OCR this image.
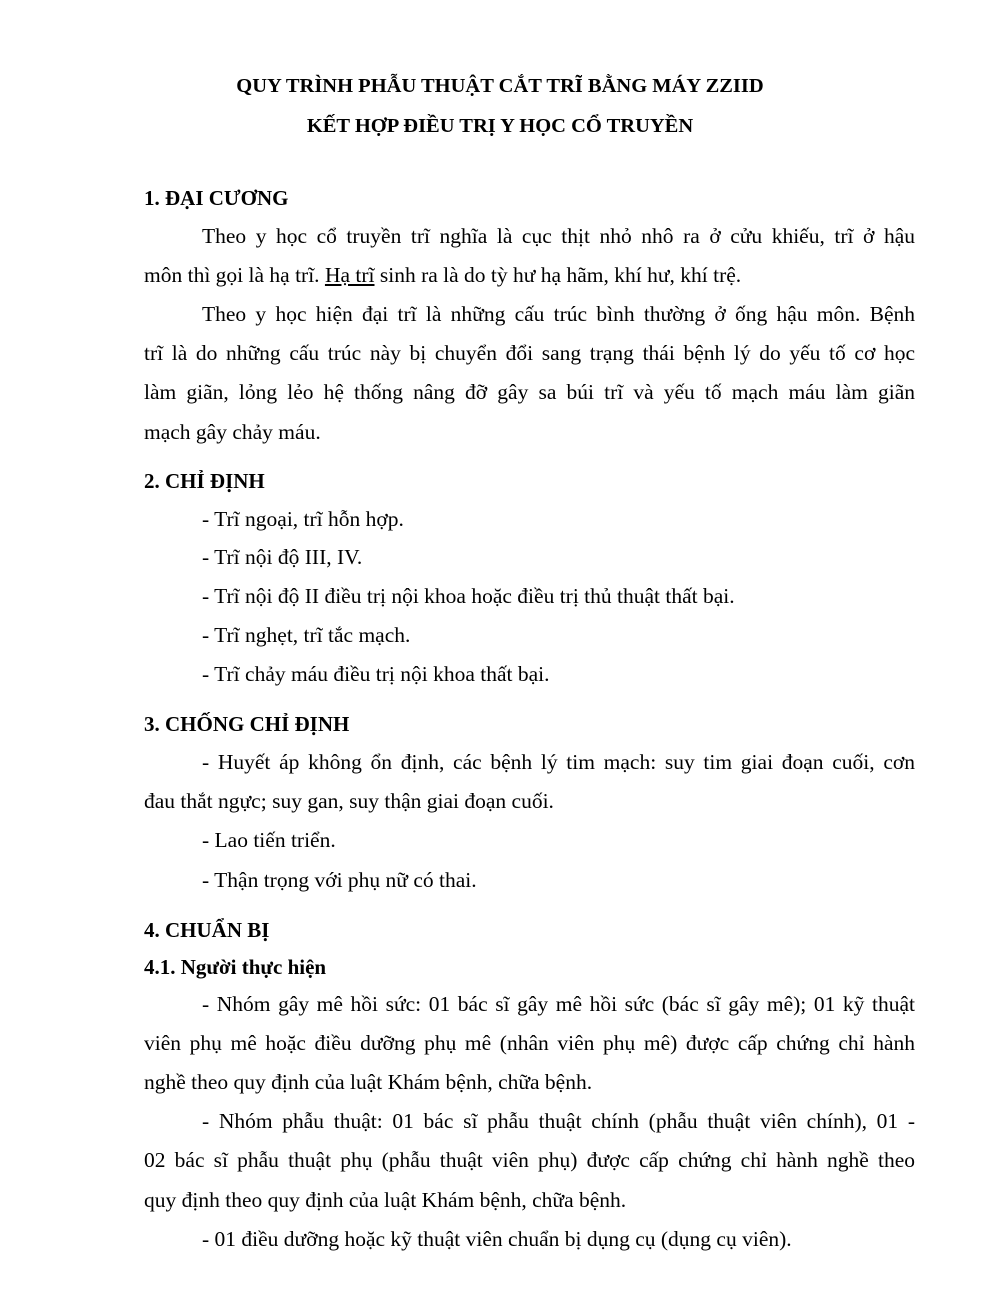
QUY TRÌNH PHẪU THUẬT CẮT TRĨ BẰNG MÁY ZZIID
KẾT HỢP ĐIỀU TRỊ Y HỌC CỔ TRUYỀN
1. ĐẠI CƯƠNG
Theo y học cổ truyền trĩ nghĩa là cục thịt nhỏ nhô ra ở cửu khiếu, trĩ ở hậu
môn thì gọi là hạ trĩ. Hạ trĩ sinh ra là do tỳ hư hạ hãm, khí hư, khí trệ.
Theo y học hiện đại trĩ là những cấu trúc bình thường ở ống hậu môn. Bệnh
trĩ là do những cấu trúc này bị chuyển đổi sang trạng thái bệnh lý do yếu tố cơ học
làm giãn, lỏng lẻo hệ thống nâng đỡ gây sa búi trĩ và yếu tố mạch máu làm giãn
mạch gây chảy máu.
2. CHỈ ĐỊNH
- Trĩ ngoại, trĩ hỗn hợp.
- Trĩ nội độ III, IV.
- Trĩ nội độ II điều trị nội khoa hoặc điều trị thủ thuật thất bại.
- Trĩ nghẹt, trĩ tắc mạch.
- Trĩ chảy máu điều trị nội khoa thất bại.
3. CHỐNG CHỈ ĐỊNH
- Huyết áp không ổn định, các bệnh lý tim mạch: suy tim giai đoạn cuối, cơn
đau thắt ngực; suy gan, suy thận giai đoạn cuối.
- Lao tiến triển.
- Thận trọng với phụ nữ có thai.
4. CHUẨN BỊ
4.1. Người thực hiện
- Nhóm gây mê hồi sức: 01 bác sĩ gây mê hồi sức (bác sĩ gây mê); 01 kỹ thuật
viên phụ mê hoặc điều dưỡng phụ mê (nhân viên phụ mê) được cấp chứng chỉ hành
nghề theo quy định của luật Khám bệnh, chữa bệnh.
- Nhóm phẫu thuật: 01 bác sĩ phẫu thuật chính (phẫu thuật viên chính), 01 -
02 bác sĩ phẫu thuật phụ (phẫu thuật viên phụ) được cấp chứng chỉ hành nghề theo
quy định theo quy định của luật Khám bệnh, chữa bệnh.
- 01 điều dưỡng hoặc kỹ thuật viên chuẩn bị dụng cụ (dụng cụ viên).
